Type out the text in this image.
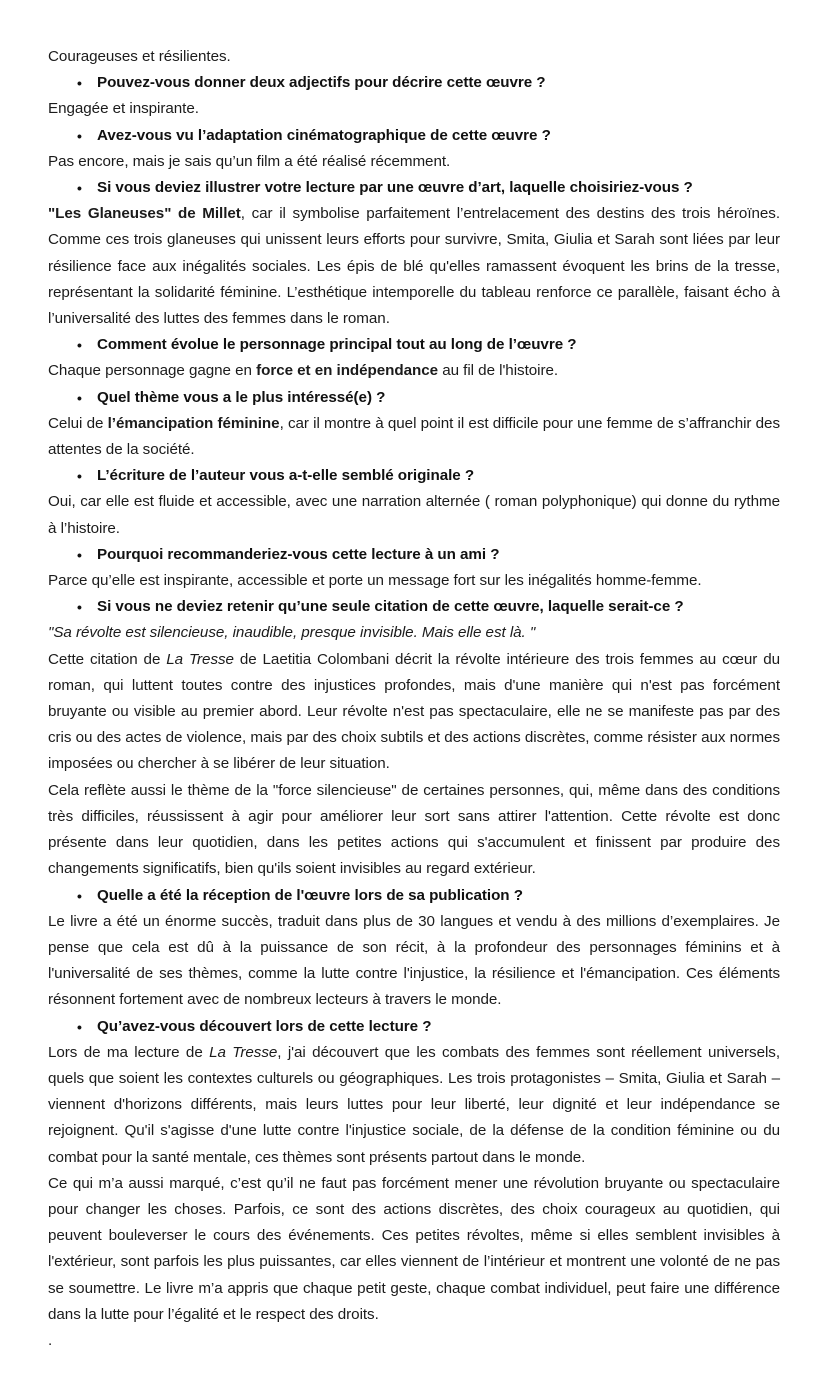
Courageuses et résilientes.

• Pouvez-vous donner deux adjectifs pour décrire cette œuvre ?

Engagée et inspirante.

• Avez-vous vu l’adaptation cinématographique de cette œuvre ?

Pas encore, mais je sais qu’un film a été réalisé récemment.

• Si vous deviez illustrer votre lecture par une œuvre d’art, laquelle choisiriez-vous ?

"Les Glaneuses" de Millet, car il symbolise parfaitement l’entrelacement des destins des trois héroïnes. Comme ces trois glaneuses qui unissent leurs efforts pour survivre, Smita, Giulia et Sarah sont liées par leur résilience face aux inégalités sociales. Les épis de blé qu'elles ramassent évoquent les brins de la tresse, représentant la solidarité féminine. L’esthétique intemporelle du tableau renforce ce parallèle, faisant écho à l’universalité des luttes des femmes dans le roman.

• Comment évolue le personnage principal tout au long de l’œuvre ?

Chaque personnage gagne en force et en indépendance au fil de l'histoire.

• Quel thème vous a le plus intéressé(e) ?

Celui de l’émancipation féminine, car il montre à quel point il est difficile pour une femme de s’affranchir des attentes de la société.

• L’écriture de l’auteur vous a-t-elle semblé originale ?

Oui, car elle est fluide et accessible, avec une narration alternée ( roman polyphonique) qui donne du rythme à l’histoire.

• Pourquoi recommanderiez-vous cette lecture à un ami ?

Parce qu’elle est inspirante, accessible et porte un message fort sur les inégalités homme-femme.

• Si vous ne deviez retenir qu’une seule citation de cette œuvre, laquelle serait-ce ?

"Sa révolte est silencieuse, inaudible, presque invisible. Mais elle est là. "

Cette citation de La Tresse de Laetitia Colombani décrit la révolte intérieure des trois femmes au cœur du roman, qui luttent toutes contre des injustices profondes, mais d'une manière qui n'est pas forcément bruyante ou visible au premier abord. Leur révolte n'est pas spectaculaire, elle ne se manifeste pas par des cris ou des actes de violence, mais par des choix subtils et des actions discrètes, comme résister aux normes imposées ou chercher à se libérer de leur situation.

Cela reflète aussi le thème de la "force silencieuse" de certaines personnes, qui, même dans des conditions très difficiles, réussissent à agir pour améliorer leur sort sans attirer l'attention. Cette révolte est donc présente dans leur quotidien, dans les petites actions qui s'accumulent et finissent par produire des changements significatifs, bien qu'ils soient invisibles au regard extérieur.

• Quelle a été la réception de l'œuvre lors de sa publication ?

Le livre a été un énorme succès, traduit dans plus de 30 langues et vendu à des millions d’exemplaires. Je pense que cela est dû à la puissance de son récit, à la profondeur des personnages féminins et à l'universalité de ses thèmes, comme la lutte contre l'injustice, la résilience et l'émancipation. Ces éléments résonnent fortement avec de nombreux lecteurs à travers le monde.

• Qu’avez-vous découvert lors de cette lecture ?

Lors de ma lecture de La Tresse, j'ai découvert que les combats des femmes sont réellement universels, quels que soient les contextes culturels ou géographiques. Les trois protagonistes – Smita, Giulia et Sarah – viennent d'horizons différents, mais leurs luttes pour leur liberté, leur dignité et leur indépendance se rejoignent. Qu'il s'agisse d'une lutte contre l'injustice sociale, de la défense de la condition féminine ou du combat pour la santé mentale, ces thèmes sont présents partout dans le monde.

Ce qui m’a aussi marqué, c’est qu’il ne faut pas forcément mener une révolution bruyante ou spectaculaire pour changer les choses. Parfois, ce sont des actions discrètes, des choix courageux au quotidien, qui peuvent bouleverser le cours des événements. Ces petites révoltes, même si elles semblent invisibles à l'extérieur, sont parfois les plus puissantes, car elles viennent de l’intérieur et montrent une volonté de ne pas se soumettre. Le livre m’a appris que chaque petit geste, chaque combat individuel, peut faire une différence dans la lutte pour l’égalité et le respect des droits.

.
